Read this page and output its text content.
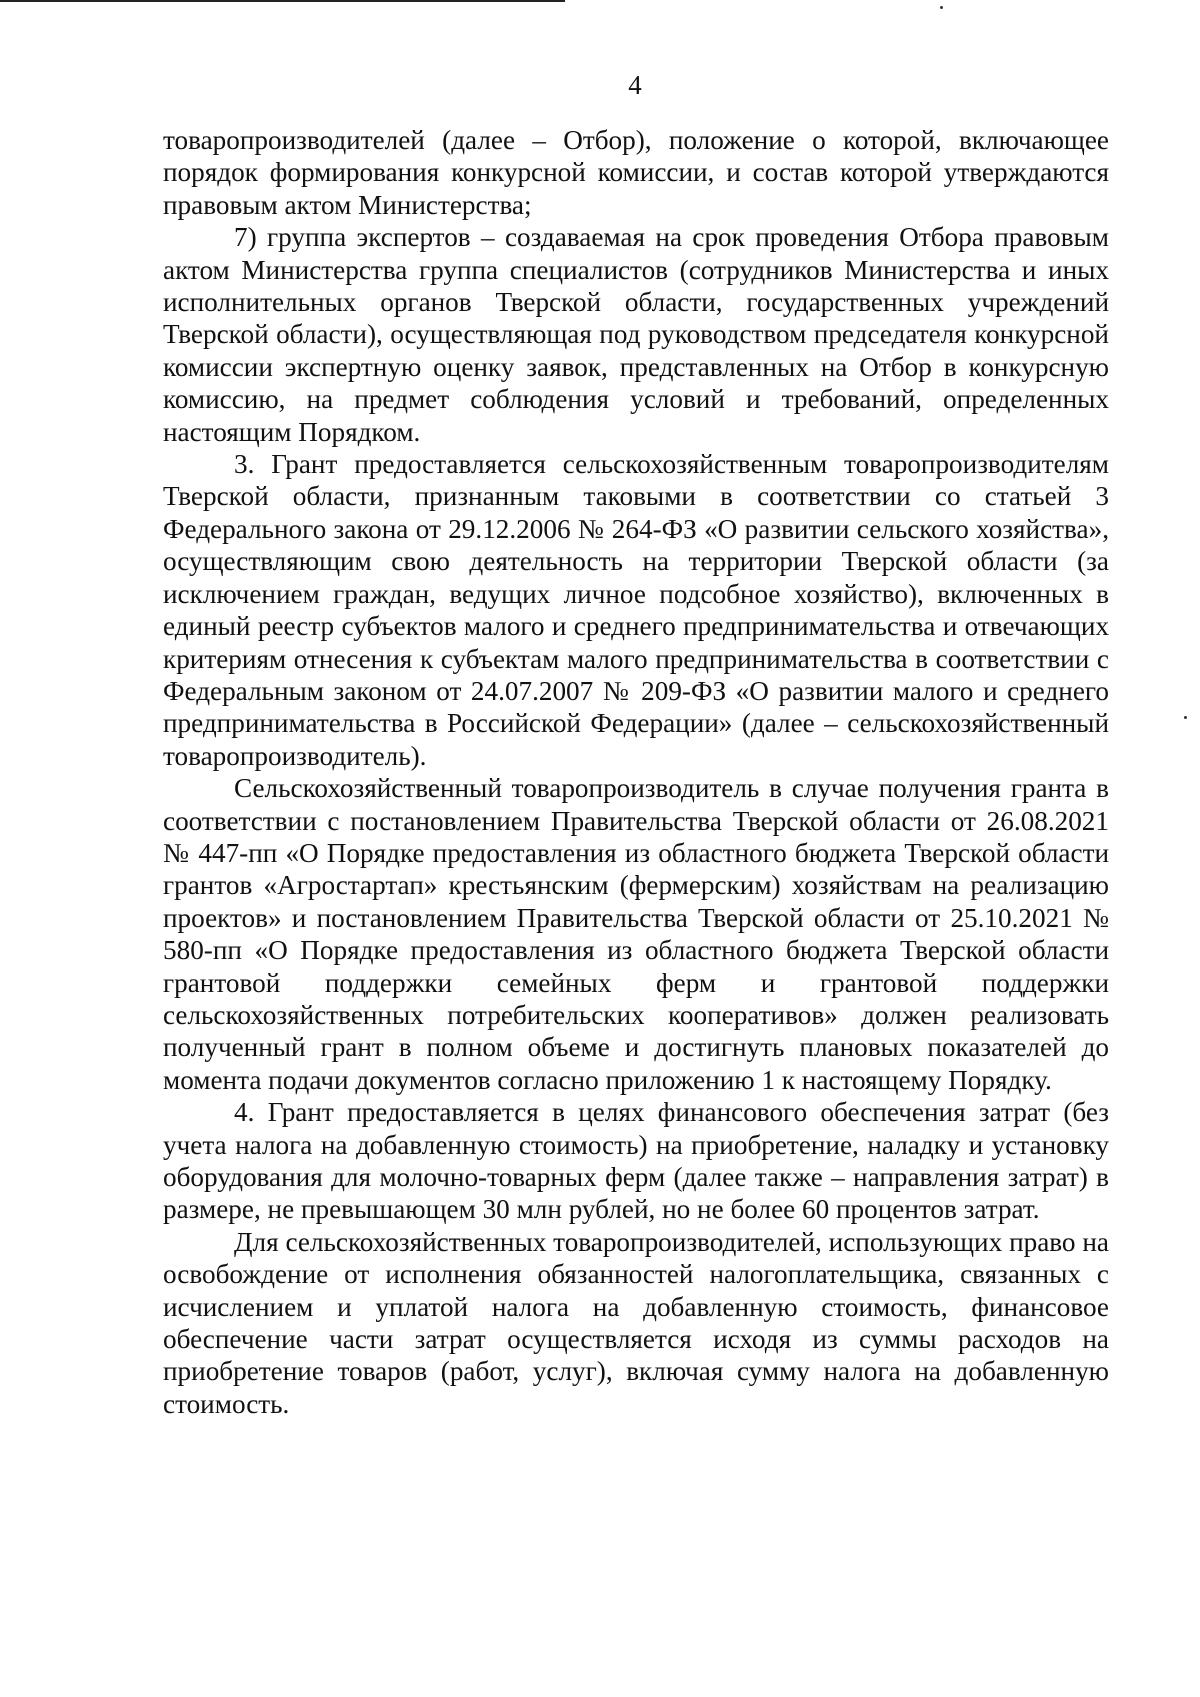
4

товаропроизводителей (далее – Отбор), положение о которой, включающее порядок формирования конкурсной комиссии, и состав которой утверждаются правовым актом Министерства;

7) группа экспертов – создаваемая на срок проведения Отбора правовым актом Министерства группа специалистов (сотрудников Министерства и иных исполнительных органов Тверской области, государственных учреждений Тверской области), осуществляющая под руководством председателя конкурсной комиссии экспертную оценку заявок, представленных на Отбор в конкурсную комиссию, на предмет соблюдения условий и требований, определенных настоящим Порядком.

3. Грант предоставляется сельскохозяйственным товаропроизводителям Тверской области, признанным таковыми в соответствии со статьей 3 Федерального закона от 29.12.2006 № 264-ФЗ «О развитии сельского хозяйства», осуществляющим свою деятельность на территории Тверской области (за исключением граждан, ведущих личное подсобное хозяйство), включенных в единый реестр субъектов малого и среднего предпринимательства и отвечающих критериям отнесения к субъектам малого предпринимательства в соответствии с Федеральным законом от 24.07.2007 № 209-ФЗ «О развитии малого и среднего предпринимательства в Российской Федерации» (далее – сельскохозяйственный товаропроизводитель).

Сельскохозяйственный товаропроизводитель в случае получения гранта в соответствии с постановлением Правительства Тверской области от 26.08.2021 № 447-пп «О Порядке предоставления из областного бюджета Тверской области грантов «Агростартап» крестьянским (фермерским) хозяйствам на реализацию проектов» и постановлением Правительства Тверской области от 25.10.2021 № 580-пп «О Порядке предоставления из областного бюджета Тверской области грантовой поддержки семейных ферм и грантовой поддержки сельскохозяйственных потребительских кооперативов» должен реализовать полученный грант в полном объеме и достигнуть плановых показателей до момента подачи документов согласно приложению 1 к настоящему Порядку.

4. Грант предоставляется в целях финансового обеспечения затрат (без учета налога на добавленную стоимость) на приобретение, наладку и установку оборудования для молочно-товарных ферм (далее также – направления затрат) в размере, не превышающем 30 млн рублей, но не более 60 процентов затрат.

Для сельскохозяйственных товаропроизводителей, использующих право на освобождение от исполнения обязанностей налогоплательщика, связанных с исчислением и уплатой налога на добавленную стоимость, финансовое обеспечение части затрат осуществляется исходя из суммы расходов на приобретение товаров (работ, услуг), включая сумму налога на добавленную стоимость.
